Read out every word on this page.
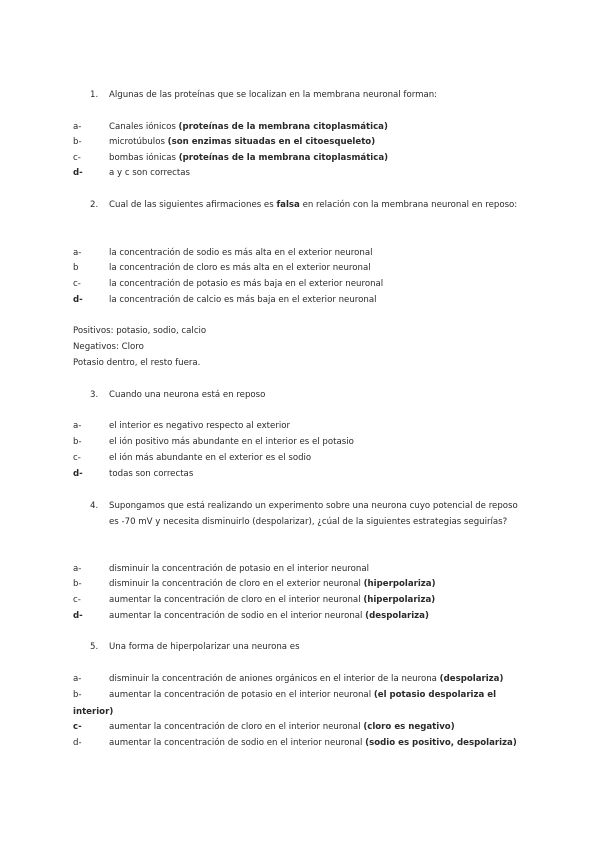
1. Algunas de las proteínas que se localizan en la membrana neuronal forman:
a-	Canales iónicos (proteínas de la membrana citoplasmática)
b-	microtúbulos (son enzimas situadas en el citoesqueleto)
c-	bombas iónicas (proteínas de la membrana citoplasmática)
d-	a y c son correctas
2. Cual de las siguientes afirmaciones es falsa en relación con la membrana neuronal en reposo:
a-	la concentración de sodio es más alta en el exterior neuronal
b	la concentración de cloro es más alta en el exterior neuronal
c-	la concentración de potasio es más baja en el exterior neuronal
d-	la concentración de calcio es más baja en el exterior neuronal
Positivos: potasio, sodio, calcio
Negativos: Cloro
Potasio dentro, el resto fuera.
3. Cuando una neurona está en reposo
a-	el interior es negativo respecto al exterior
b-	el ión positivo más abundante en el interior es el potasio
c-	el ión más abundante en el exterior es el sodio
d-	todas son correctas
4. Supongamos que está realizando un experimento sobre una neurona cuyo potencial de reposo es -70 mV y necesita disminuirlo (despolarizar), ¿cúal de la siguientes estrategias seguirías?
a-	disminuir la concentración de potasio en el interior neuronal
b-	disminuir la concentración de cloro en el exterior neuronal (hiperpolariza)
c-	aumentar la concentración de cloro en el interior neuronal (hiperpolariza)
d-	aumentar la concentración de sodio en el interior neuronal (despolariza)
5. Una forma de hiperpolarizar una neurona es
a-	disminuir la concentración de aniones orgánicos en el interior de la neurona (despolariza)
b-	aumentar la concentración de potasio en el interior neuronal (el potasio despolariza el interior)
c-	aumentar la concentración de cloro en el interior neuronal (cloro es negativo)
d-	aumentar la concentración de sodio en el interior neuronal (sodio es positivo, despolariza)
